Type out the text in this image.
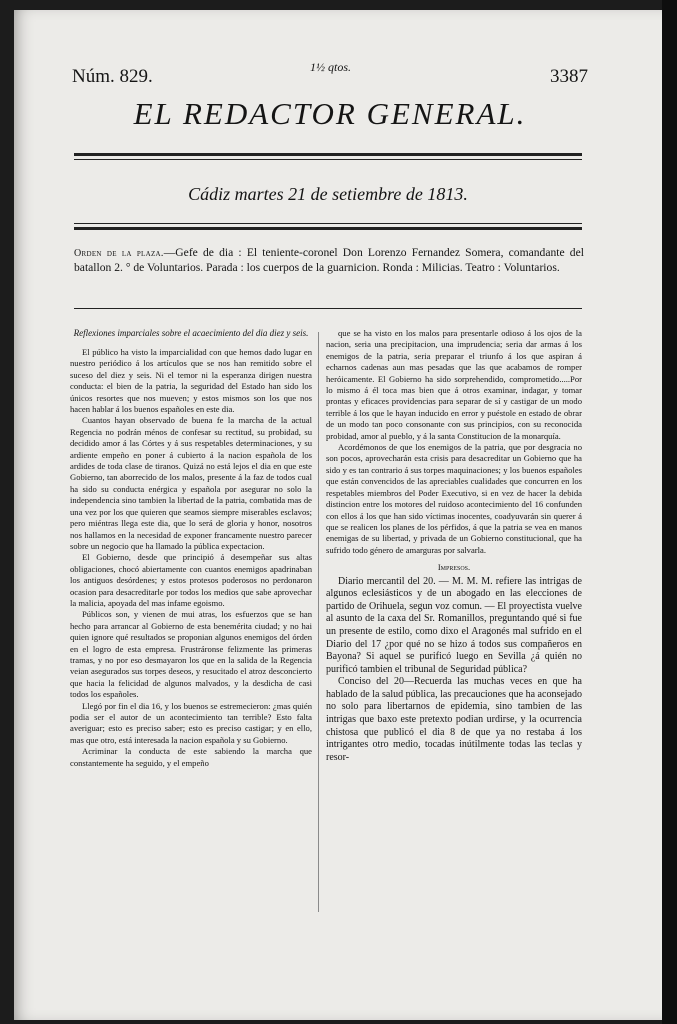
Núm. 829.	1½ qtos.	3387
EL REDACTOR GENERAL.
Cádiz martes 21 de setiembre de 1813.
Orden de la plaza.—Gefe de dia : El teniente-coronel Don Lorenzo Fernandez Somera, comandante del batallon 2. ° de Voluntarios. Parada : los cuerpos de la guarnicion. Ronda : Milicias. Teatro : Voluntarios.

Reflexiones imparciales sobre el acaecimiento del dia diez y seis.

El público ha visto la imparcialidad con que hemos dado lugar en nuestro periódico á los artículos que se nos han remitido sobre el suceso del diez y seis. Ni el temor ni la esperanza dirigen nuestra conducta: el bien de la patria, la seguridad del Estado han sido los únicos resortes que nos mueven; y estos mismos son los que nos hacen hablar á los buenos españoles en este dia.

Cuantos hayan observado de buena fe la marcha de la actual Regencia no podrán ménos de confesar su rectitud, su probidad, su decidido amor á las Córtes y á sus respetables determinaciones, y su ardiente empeño en poner á cubierto á la nacion española de los ardides de toda clase de tiranos. Quizá no está lejos el dia en que este Gobierno, tan aborrecido de los malos, presente á la faz de todos cual ha sido su conducta enérgica y española por asegurar no solo la independencia sino tambien la libertad de la patria, combatida mas de una vez por los que quieren que seamos siempre miserables esclavos; pero miéntras llega este dia, que lo será de gloria y honor, nosotros nos hallamos en la necesidad de exponer francamente nuestro parecer sobre un negocio que ha llamado la pública expectacion.

El Gobierno, desde que principió á desempeñar sus altas obligaciones, chocó abiertamente con cuantos enemigos apadrinaban los antiguos desórdenes; y estos protesos poderosos no perdonaron ocasion para desacreditarle por todos los medios que sabe aprovechar la malicia, apoyada del mas infame egoismo.

Públicos son, y vienen de mui atras, los esfuerzos que se han hecho para arrancar al Gobierno de esta benemérita ciudad; y no hai quien ignore qué resultados se proponian algunos enemigos del órden en el logro de esta empresa. Frustráronse felizmente las primeras tramas, y no por eso desmayaron los que en la salida de la Regencia veian asegurados sus torpes deseos, y resucitado el atroz desconcierto que hacia la felicidad de algunos malvados, y la desdicha de casi todos los españoles.

Llegó por fin el dia 16, y los buenos se estremecieron: ¿mas quién podia ser el autor de un acontecimiento tan terrible? Esto falta averiguar; esto es preciso saber; esto es preciso castigar; y en ello, mas que otro, está interesada la nacion española y su Gobierno.

Acriminar la conducta de este sabiendo la marcha que constantemente ha seguido, y el empeño

que se ha visto en los malos para presentarle odioso á los ojos de la nacion, seria una precipitacion, una imprudencia; seria dar armas á los enemigos de la patria, seria preparar el triunfo á los que aspiran á echarnos cadenas aun mas pesadas que las que acabamos de romper heróicamente. El Gobierno ha sido sorprehendido, comprometido.....Por lo mismo á él toca mas bien que á otros examinar, indagar, y tomar prontas y eficaces providencias para separar de sí y castigar de un modo terrible á los que le hayan inducido en error y puéstole en estado de obrar de un modo tan poco consonante con sus principios, con su reconocida probidad, amor al pueblo, y á la santa Constitucion de la monarquía.

Acordémonos de que los enemigos de la patria, que por desgracia no son pocos, aprovecharán esta crisis para desacreditar un Gobierno que ha sido y es tan contrario á sus torpes maquinaciones; y los buenos españoles que están convencidos de las apreciables cualidades que concurren en los respetables miembros del Poder Executivo, si en vez de hacer la debida distincion entre los motores del ruidoso acontecimiento del 16 confunden con ellos á los que han sido víctimas inocentes, coadyuvarán sin querer á que se realicen los planes de los pérfidos, á que la patria se vea en manos enemigas de su libertad, y privada de un Gobierno constitucional, que ha sufrido todo género de amarguras por salvarla.

Impresos.

Diario mercantil del 20. — M. M. M. refiere las intrigas de algunos eclesiásticos y de un abogado en las elecciones de partido de Orihuela, segun voz comun. — El proyectista vuelve al asunto de la caxa del Sr. Romanillos, preguntando qué si fue un presente de estilo, como dixo el Aragonés mal sufrido en el Diario del 17 ¿por qué no se hizo á todos sus compañeros en Bayona? Si aquel se purificó luego en Sevilla ¿á quién no purificó tambien el tribunal de Seguridad pública?

Conciso del 20—Recuerda las muchas veces en que ha hablado de la salud pública, las precauciones que ha aconsejado no solo para libertarnos de epidemia, sino tambien de las intrigas que baxo este pretexto podian urdirse, y la ocurrencia chistosa que publicó el dia 8 de que ya no restaba á los intrigantes otro medio, tocadas inútilmente todas las teclas y resor-
